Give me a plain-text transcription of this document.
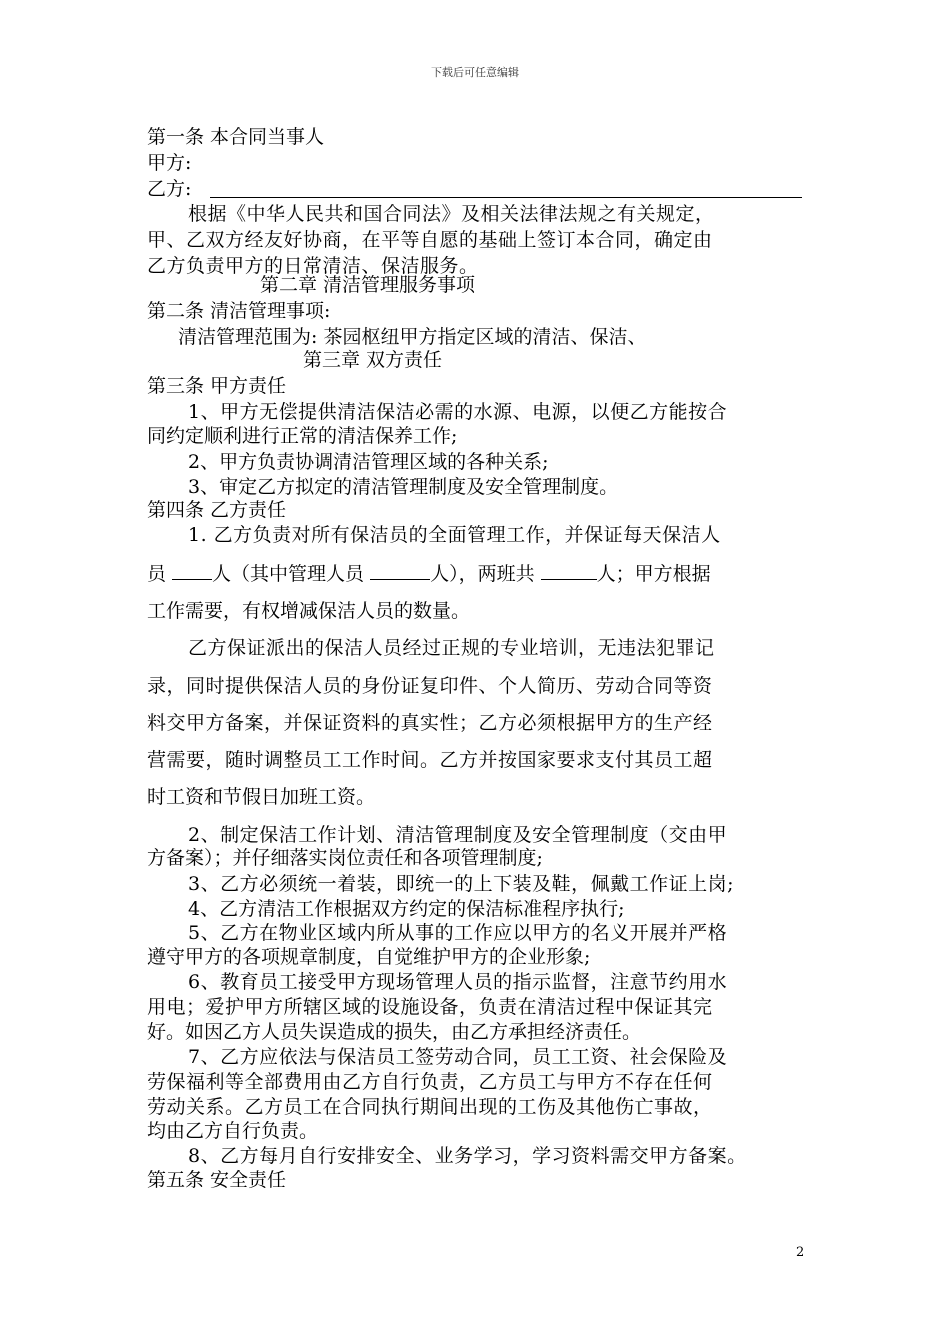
下载后可任意编辑
第一条 本合同当事人
甲方:
乙方:
根据《中华人民共和国合同法》及相关法律法规之有关规定，
甲、乙双方经友好协商，在平等自愿的基础上签订本合同，确定由
乙方负责甲方的日常清洁、保洁服务。
第二章 清洁管理服务事项
第二条 清洁管理事项:
清洁管理范围为: 茶园枢纽甲方指定区域的清洁、保洁、
第三章 双方责任
第三条 甲方责任
1、甲方无偿提供清洁保洁必需的水源、电源，以便乙方能按合
同约定顺利进行正常的清洁保养工作;
2、甲方负责协调清洁管理区域的各种关系;
3、审定乙方拟定的清洁管理制度及安全管理制度。
第四条 乙方责任
1. 乙方负责对所有保洁员的全面管理工作，并保证每天保洁人
员 人（其中管理人员	人），两班共	人；甲方根据
工作需要，有权增减保洁人员的数量。
乙方保证派出的保洁人员经过正规的专业培训，无违法犯罪记
录，同时提供保洁人员的身份证复印件、个人简历、劳动合同等资
料交甲方备案，并保证资料的真实性；乙方必须根据甲方的生产经
营需要，随时调整员工工作时间。乙方并按国家要求支付其员工超
时工资和节假日加班工资。
2、制定保洁工作计划、清洁管理制度及安全管理制度（交由甲
方备案）；并仔细落实岗位责任和各项管理制度;
3、乙方必须统一着装，即统一的上下装及鞋，佩戴工作证上岗;
4、乙方清洁工作根据双方约定的保洁标准程序执行;
5、乙方在物业区域内所从事的工作应以甲方的名义开展并严格
遵守甲方的各项规章制度，自觉维护甲方的企业形象;
6、教育员工接受甲方现场管理人员的指示监督，注意节约用水
用电；爱护甲方所辖区域的设施设备，负责在清洁过程中保证其完
好。如因乙方人员失误造成的损失，由乙方承担经济责任。
7、乙方应依法与保洁员工签劳动合同，员工工资、社会保险及
劳保福利等全部费用由乙方自行负责，乙方员工与甲方不存在任何
劳动关系。乙方员工在合同执行期间出现的工伤及其他伤亡事故，
均由乙方自行负责。
8、乙方每月自行安排安全、业务学习，学习资料需交甲方备案。
第五条 安全责任
2
